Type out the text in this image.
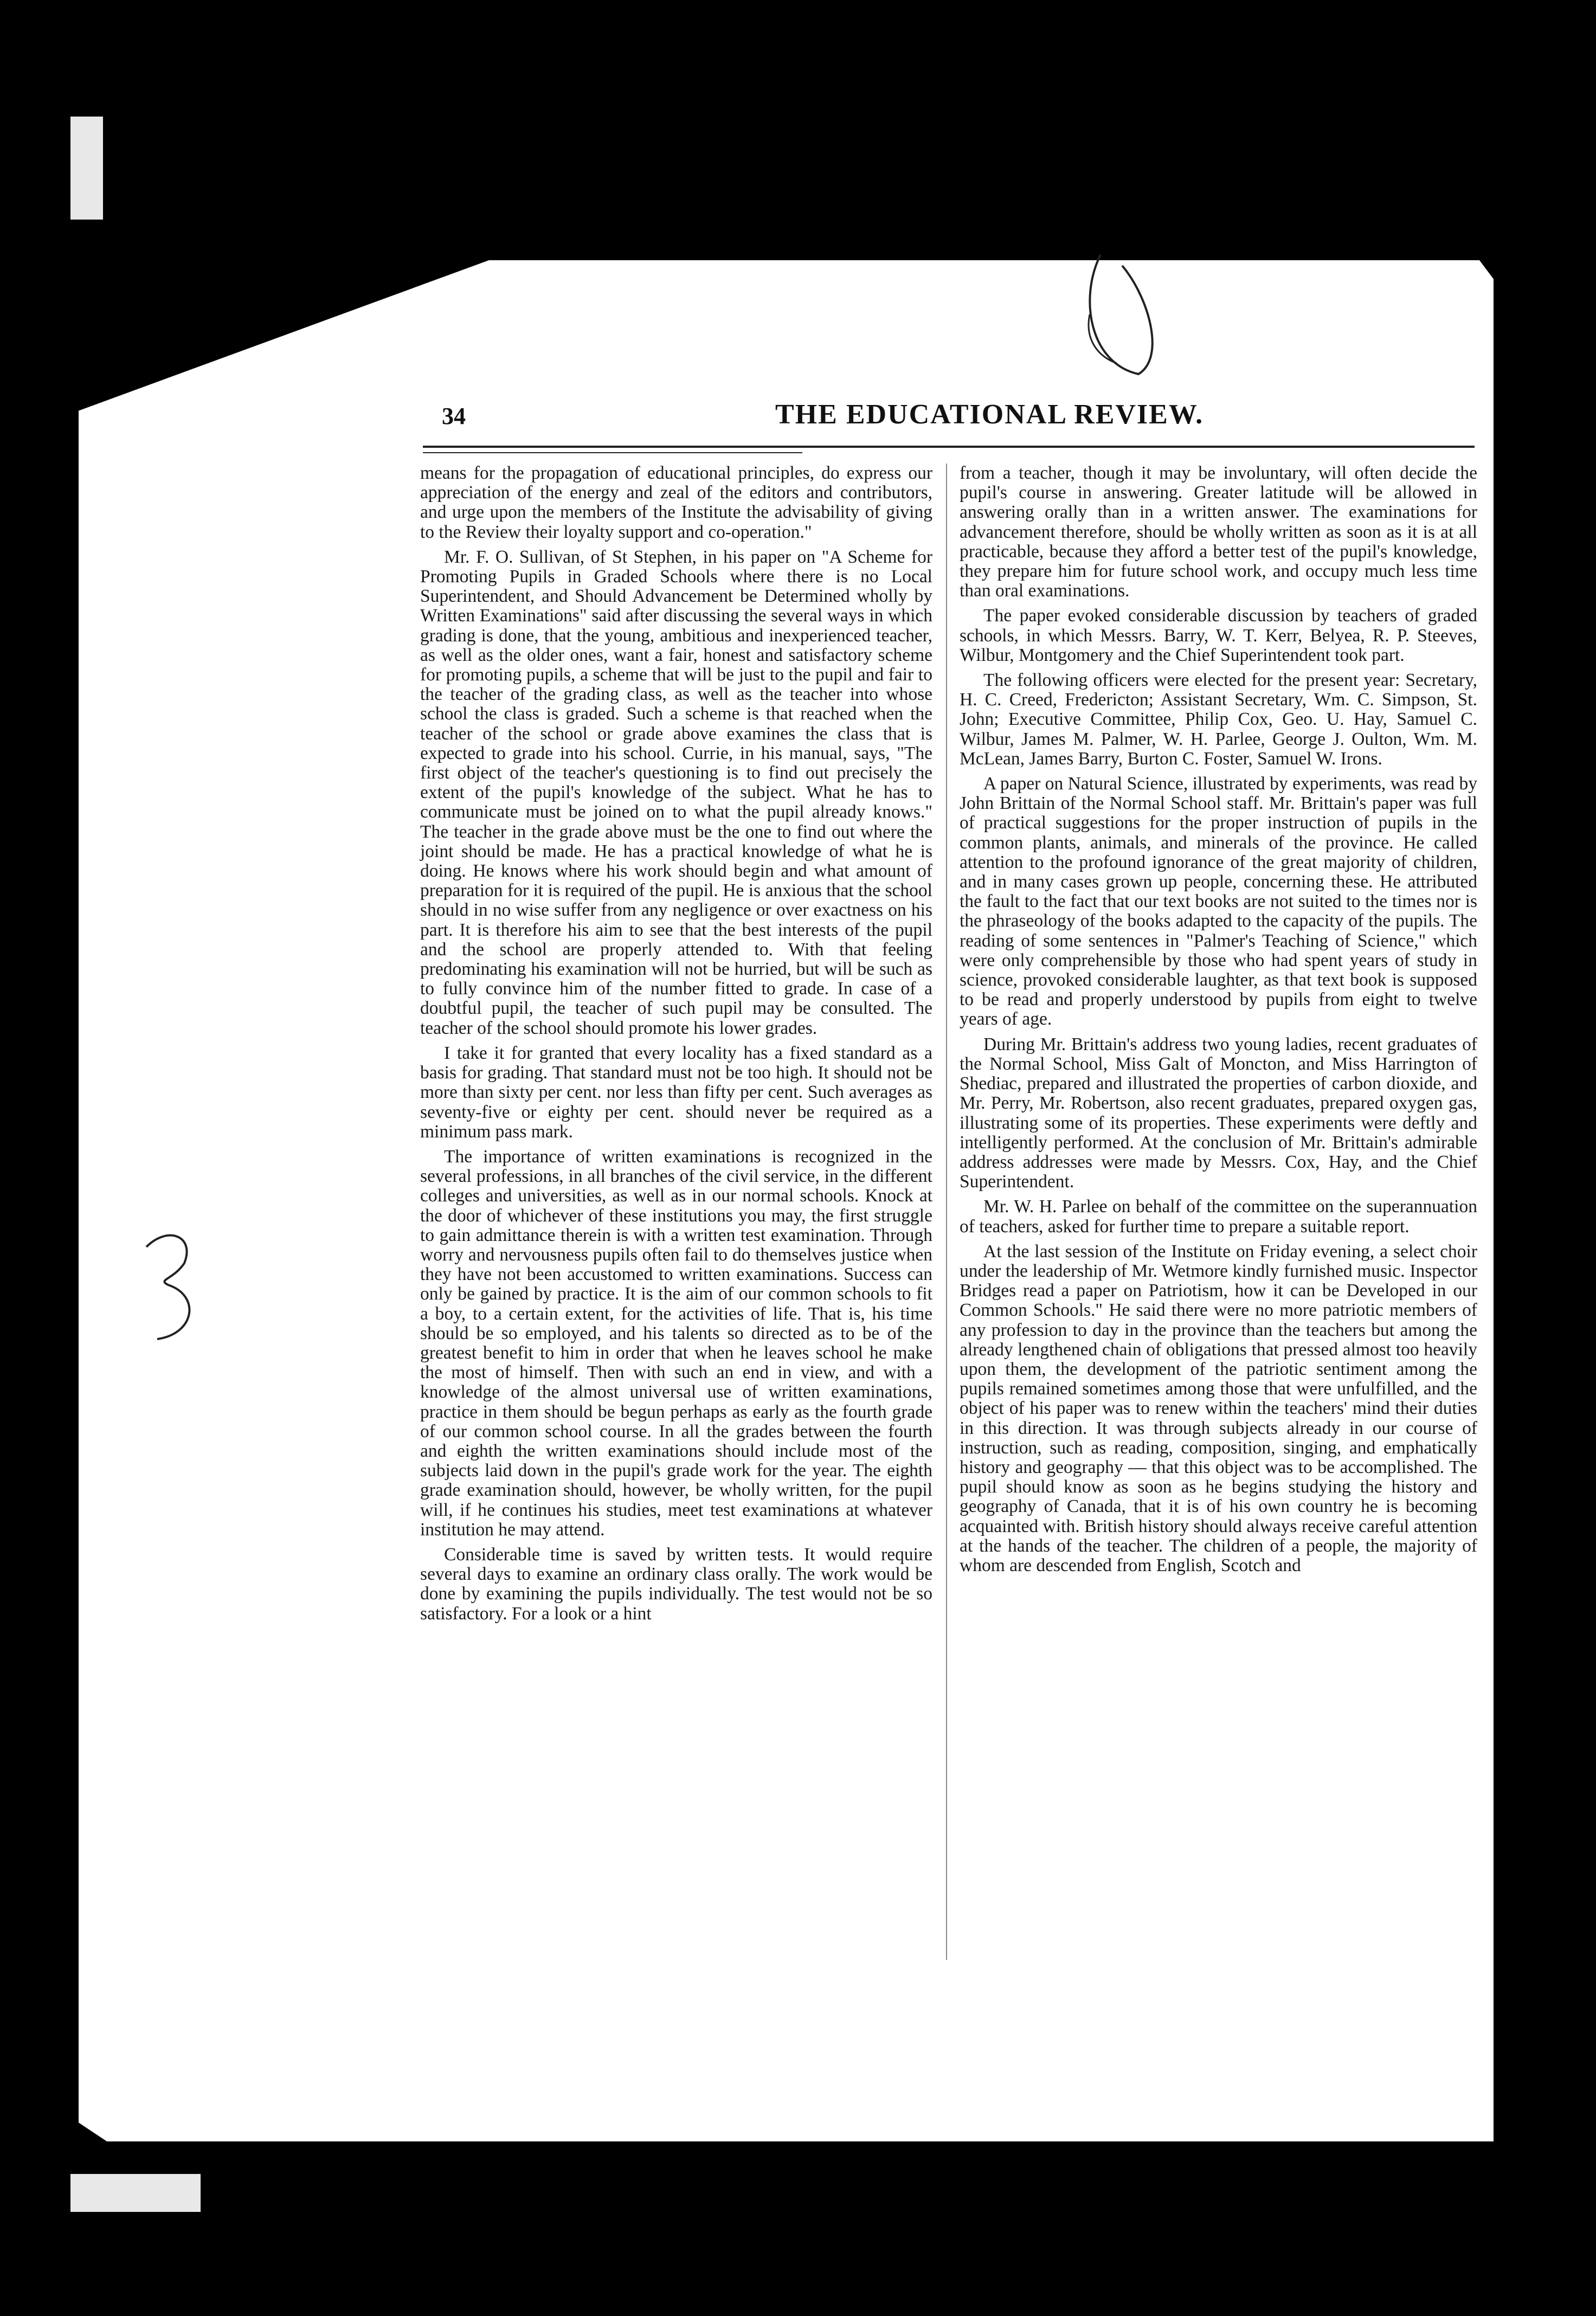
34	THE EDUCATIONAL REVIEW.

means for the propagation of educational principles, do express our appreciation of the energy and zeal of the editors and contributors, and urge upon the members of the Institute the advisability of giving to the Review their loyalty support and co-operation."

Mr. F. O. Sullivan, of St Stephen, in his paper on "A Scheme for Promoting Pupils in Graded Schools where there is no Local Superintendent, and Should Advancement be Determined wholly by Written Examinations" said after discussing the several ways in which grading is done, that the young, ambitious and inexperienced teacher, as well as the older ones, want a fair, honest and satisfactory scheme for promoting pupils, a scheme that will be just to the pupil and fair to the teacher of the grading class, as well as the teacher into whose school the class is graded. Such a scheme is that reached when the teacher of the school or grade above examines the class that is expected to grade into his school. Currie, in his manual, says, "The first object of the teacher's questioning is to find out precisely the extent of the pupil's knowledge of the subject. What he has to communicate must be joined on to what the pupil already knows." The teacher in the grade above must be the one to find out where the joint should be made. He has a practical knowledge of what he is doing. He knows where his work should begin and what amount of preparation for it is required of the pupil. He is anxious that the school should in no wise suffer from any negligence or over exactness on his part. It is therefore his aim to see that the best interests of the pupil and the school are properly attended to. With that feeling predominating his examination will not be hurried, but will be such as to fully convince him of the number fitted to grade. In case of a doubtful pupil, the teacher of such pupil may be consulted. The teacher of the school should promote his lower grades.

I take it for granted that every locality has a fixed standard as a basis for grading. That standard must not be too high. It should not be more than sixty per cent. nor less than fifty per cent. Such averages as seventy-five or eighty per cent. should never be required as a minimum pass mark.

The importance of written examinations is recognized in the several professions, in all branches of the civil service, in the different colleges and universities, as well as in our normal schools. Knock at the door of whichever of these institutions you may, the first struggle to gain admittance therein is with a written test examination. Through worry and nervousness pupils often fail to do themselves justice when they have not been accustomed to written examinations. Success can only be gained by practice. It is the aim of our common schools to fit a boy, to a certain extent, for the activities of life. That is, his time should be so employed, and his talents so directed as to be of the greatest benefit to him in order that when he leaves school he make the most of himself. Then with such an end in view, and with a knowledge of the almost universal use of written examinations, practice in them should be begun perhaps as early as the fourth grade of our common school course. In all the grades between the fourth and eighth the written examinations should include most of the subjects laid down in the pupil's grade work for the year. The eighth grade examination should, however, be wholly written, for the pupil will, if he continues his studies, meet test examinations at whatever institution he may attend.

Considerable time is saved by written tests. It would require several days to examine an ordinary class orally. The work would be done by examining the pupils individually. The test would not be so satisfactory. For a look or a hint

from a teacher, though it may be involuntary, will often decide the pupil's course in answering. Greater latitude will be allowed in answering orally than in a written answer. The examinations for advancement therefore, should be wholly written as soon as it is at all practicable, because they afford a better test of the pupil's knowledge, they prepare him for future school work, and occupy much less time than oral examinations.

The paper evoked considerable discussion by teachers of graded schools, in which Messrs. Barry, W. T. Kerr, Belyea, R. P. Steeves, Wilbur, Montgomery and the Chief Superintendent took part.

The following officers were elected for the present year: Secretary, H. C. Creed, Fredericton; Assistant Secretary, Wm. C. Simpson, St. John; Executive Committee, Philip Cox, Geo. U. Hay, Samuel C. Wilbur, James M. Palmer, W. H. Parlee, George J. Oulton, Wm. M. McLean, James Barry, Burton C. Foster, Samuel W. Irons.

A paper on Natural Science, illustrated by experiments, was read by John Brittain of the Normal School staff. Mr. Brittain's paper was full of practical suggestions for the proper instruction of pupils in the common plants, animals, and minerals of the province. He called attention to the profound ignorance of the great majority of children, and in many cases grown up people, concerning these. He attributed the fault to the fact that our text books are not suited to the times nor is the phraseology of the books adapted to the capacity of the pupils. The reading of some sentences in "Palmer's Teaching of Science," which were only comprehensible by those who had spent years of study in science, provoked considerable laughter, as that text book is supposed to be read and properly understood by pupils from eight to twelve years of age.

During Mr. Brittain's address two young ladies, recent graduates of the Normal School, Miss Galt of Moncton, and Miss Harrington of Shediac, prepared and illustrated the properties of carbon dioxide, and Mr. Perry, Mr. Robertson, also recent graduates, prepared oxygen gas, illustrating some of its properties. These experiments were deftly and intelligently performed. At the conclusion of Mr. Brittain's admirable address addresses were made by Messrs. Cox, Hay, and the Chief Superintendent.

Mr. W. H. Parlee on behalf of the committee on the superannuation of teachers, asked for further time to prepare a suitable report.

At the last session of the Institute on Friday evening, a select choir under the leadership of Mr. Wetmore kindly furnished music. Inspector Bridges read a paper on Patriotism, how it can be Developed in our Common Schools." He said there were no more patriotic members of any profession to day in the province than the teachers but among the already lengthened chain of obligations that pressed almost too heavily upon them, the development of the patriotic sentiment among the pupils remained sometimes among those that were unfulfilled, and the object of his paper was to renew within the teachers' mind their duties in this direction. It was through subjects already in our course of instruction, such as reading, composition, singing, and emphatically history and geography — that this object was to be accomplished. The pupil should know as soon as he begins studying the history and geography of Canada, that it is of his own country he is becoming acquainted with. British history should always receive careful attention at the hands of the teacher. The children of a people, the majority of whom are descended from English, Scotch and
